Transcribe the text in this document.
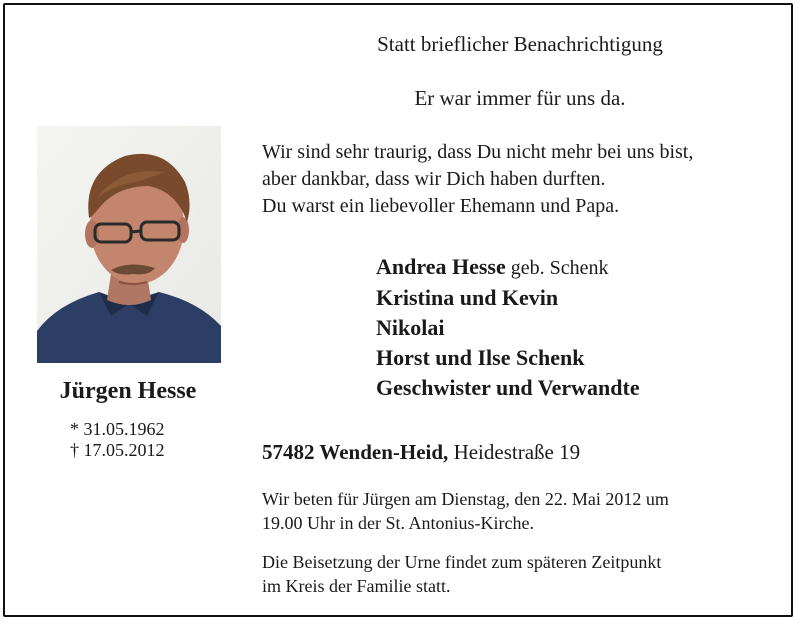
Statt brieflicher Benachrichtigung
Er war immer für uns da.
Wir sind sehr traurig, dass Du nicht mehr bei uns bist,
aber dankbar, dass wir Dich haben durften.
Du warst ein liebevoller Ehemann und Papa.
Andrea Hesse geb. Schenk
Kristina und Kevin
Nikolai
Horst und Ilse Schenk
Geschwister und Verwandte
57482 Wenden-Heid, Heidestraße 19
Wir beten für Jürgen am Dienstag, den 22. Mai 2012 um
19.00 Uhr in der St. Antonius-Kirche.
Die Beisetzung der Urne findet zum späteren Zeitpunkt
im Kreis der Familie statt.
Jürgen Hesse
* 31.05.1962
† 17.05.2012
